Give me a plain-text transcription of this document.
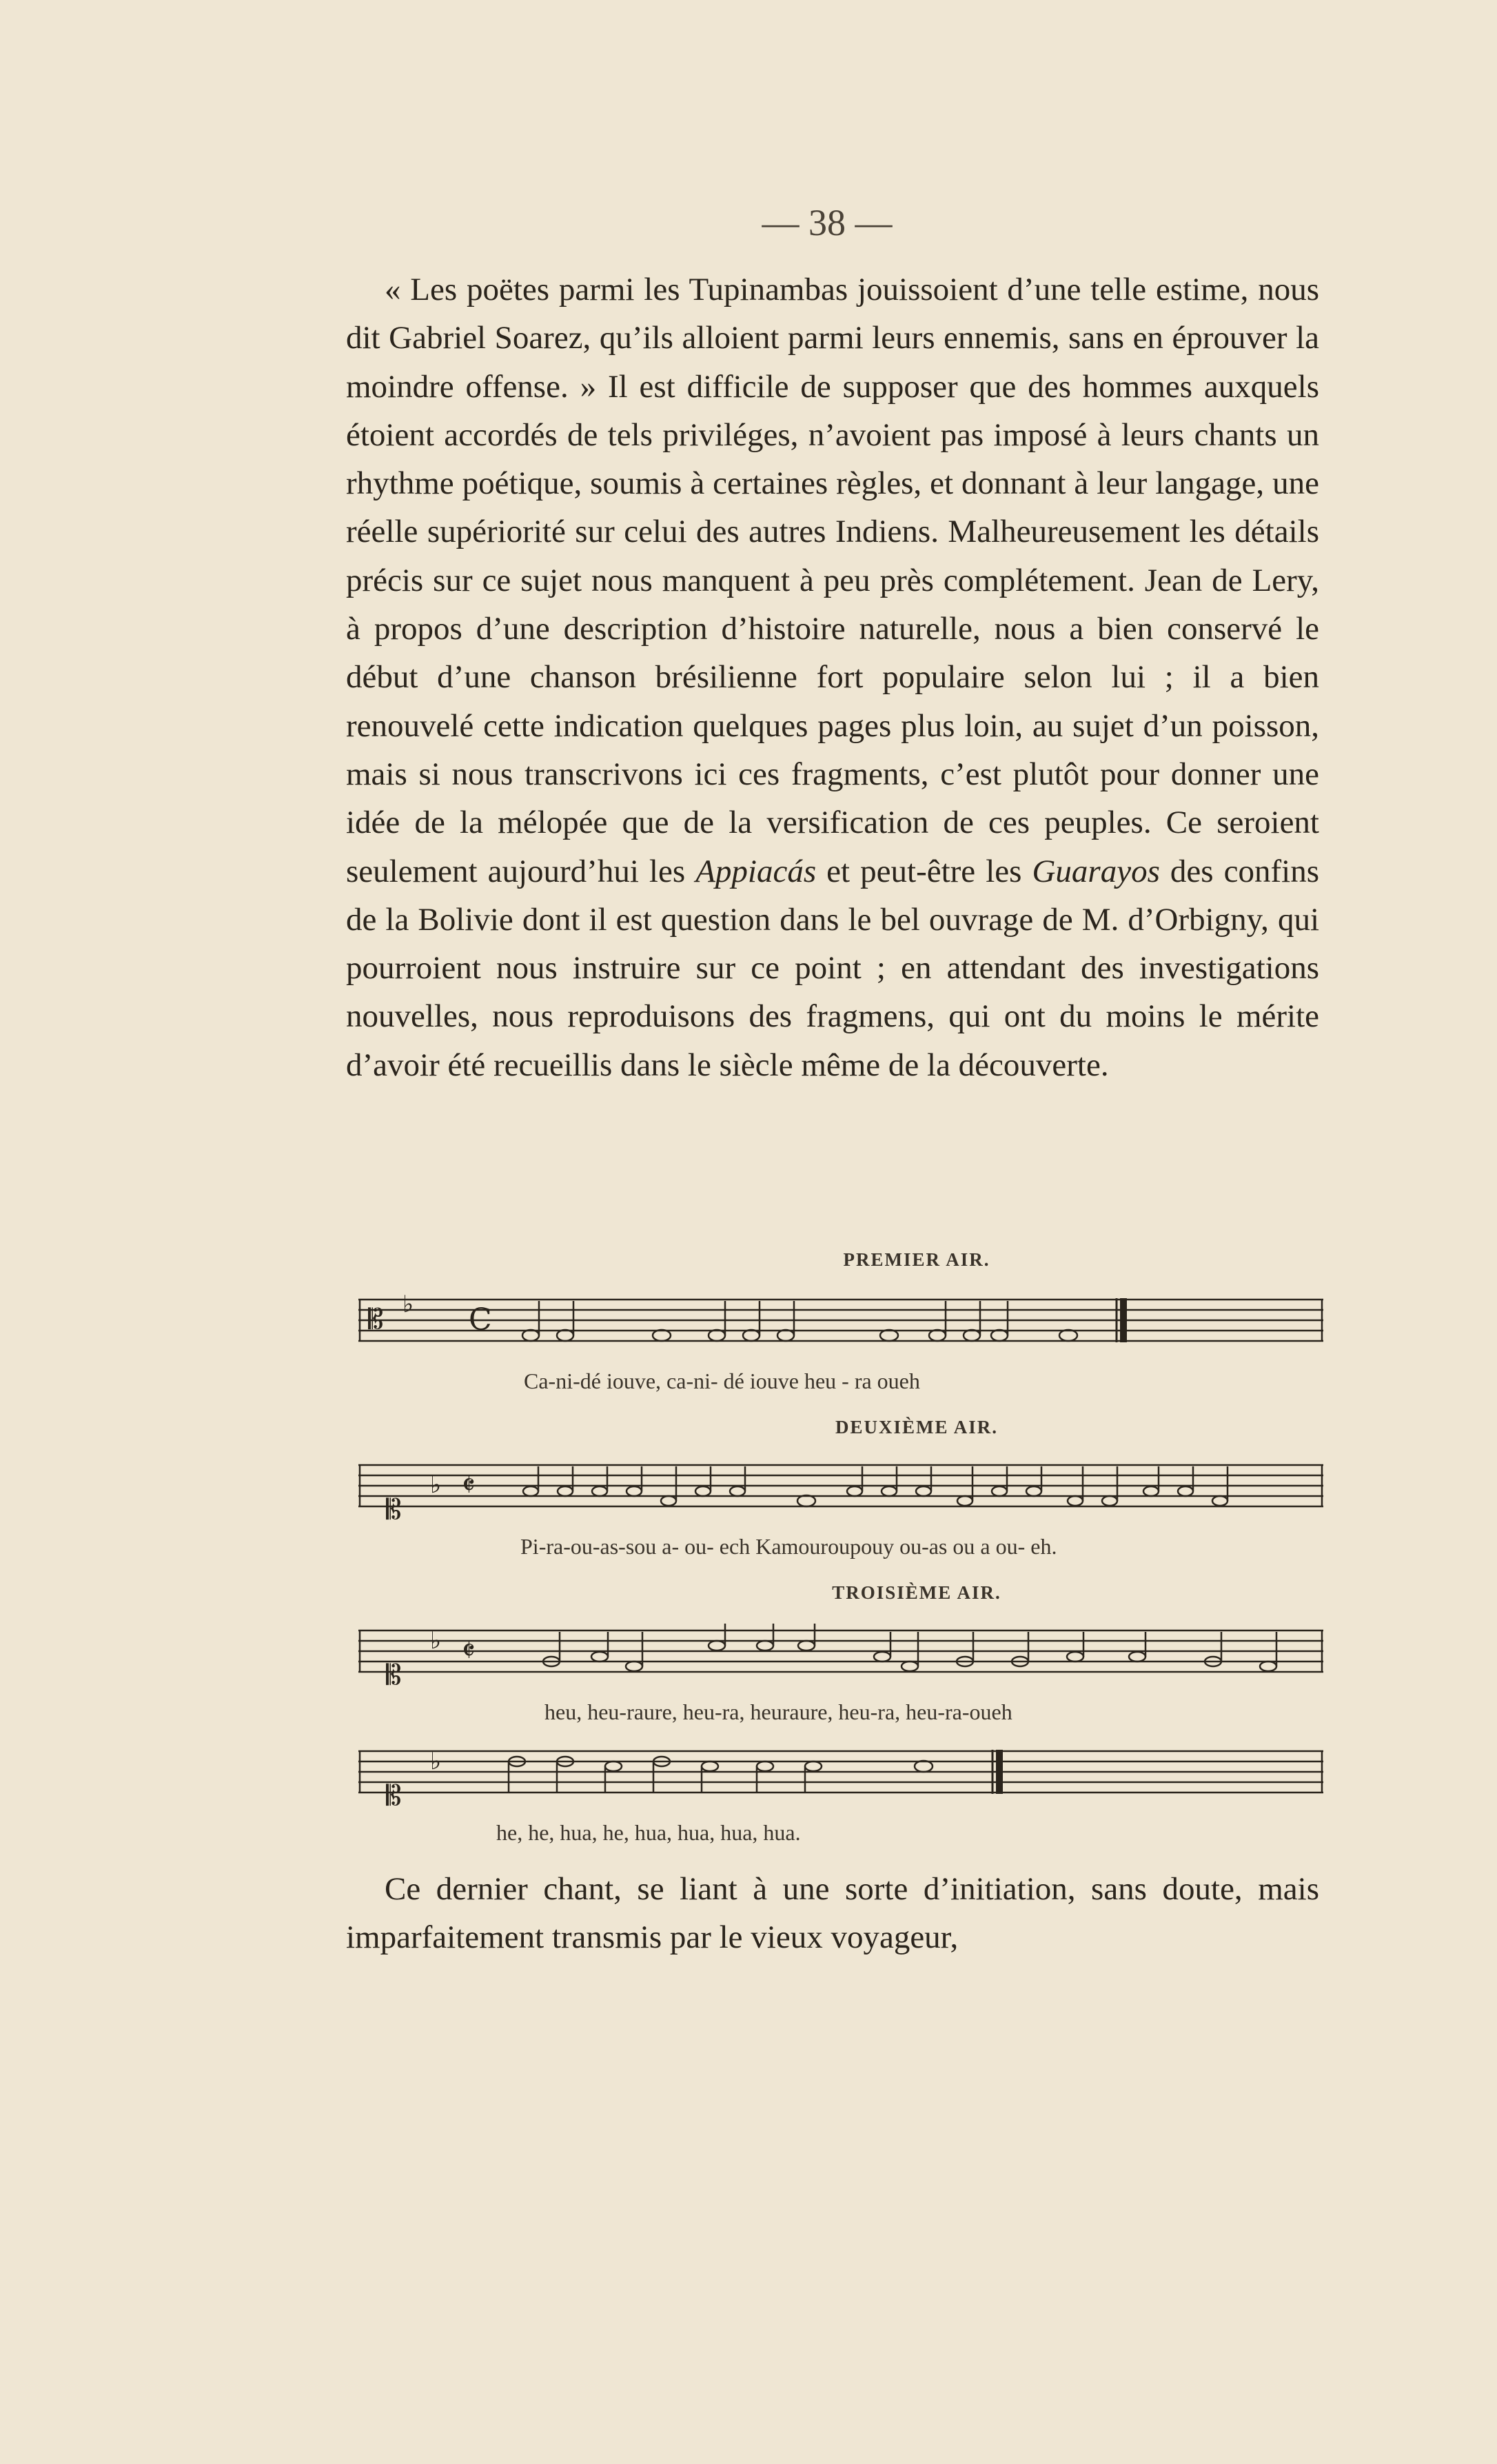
— 38 —

« Les poëtes parmi les Tupinambas jouissoient d’une telle estime, nous dit Gabriel Soarez, qu’ils alloient parmi leurs ennemis, sans en éprouver la moindre offense. » Il est difficile de supposer que des hommes auxquels étoient accordés de tels priviléges, n’avoient pas imposé à leurs chants un rhythme poétique, soumis à certaines règles, et donnant à leur langage, une réelle supériorité sur celui des autres Indiens. Malheureusement les détails précis sur ce sujet nous manquent à peu près complétement. Jean de Lery, à propos d’une description d’histoire naturelle, nous a bien conservé le début d’une chanson brésilienne fort populaire selon lui ; il a bien renouvelé cette indication quelques pages plus loin, au sujet d’un poisson, mais si nous transcrivons ici ces fragments, c’est plutôt pour donner une idée de la mélopée que de la versification de ces peuples. Ce seroient seulement aujourd’hui les Appiacás et peut-être les Guarayos des confins de la Bolivie dont il est question dans le bel ouvrage de M. d’Orbigny, qui pourroient nous instruire sur ce point ; en attendant des investigations nouvelles, nous reproduisons des fragmens, qui ont du moins le mérite d’avoir été recueillis dans le siècle même de la découverte.

PREMIER AIR.
𝄡 ♭ C
Ca-ni-dé iouve, ca-ni- dé iouve heu - ra oueh
DEUXIÈME AIR.
𝄡
♭ 𝄵
Pi-ra-ou-as-sou a- ou- ech Kamouroupouy ou-as ou a ou- eh.
TROISIÈME AIR.
𝄡
♭ 𝄵
heu, heu-raure, heu-ra, heuraure, heu-ra, heu-ra-oueh
𝄡
♭
he, he, hua, he, hua, hua, hua, hua.

Ce dernier chant, se liant à une sorte d’initiation, sans doute, mais imparfaitement transmis par le vieux voyageur,
